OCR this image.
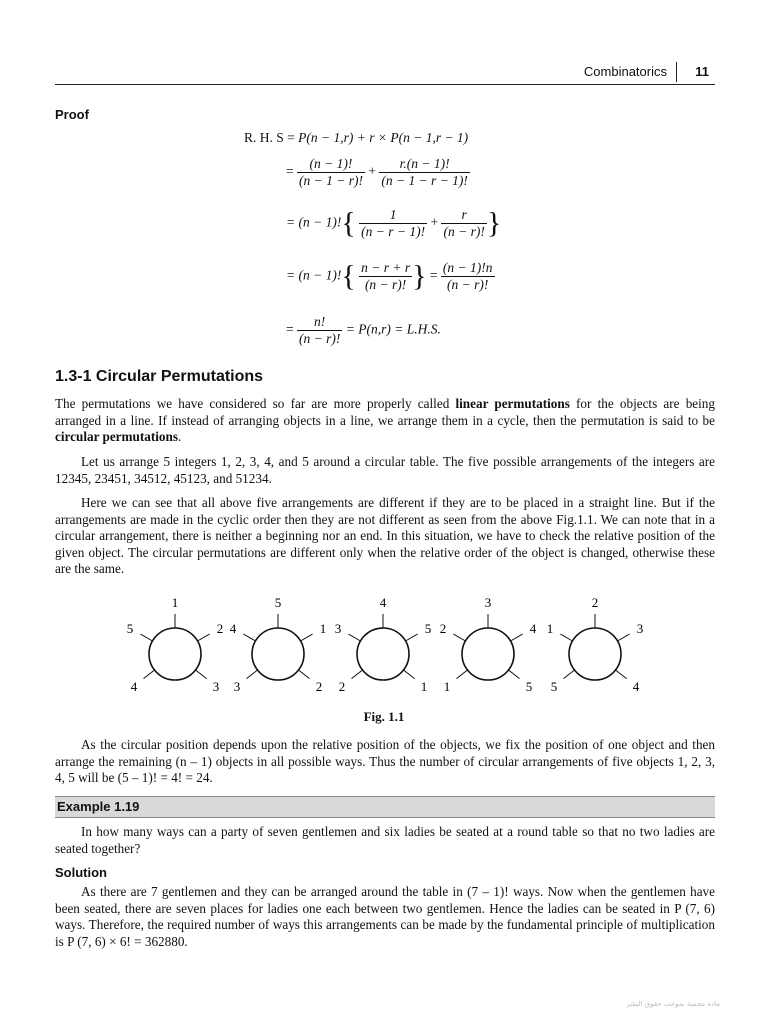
Combinatorics 11
Proof
R. H. S = P(n − 1,r) + r × P(n − 1,r − 1)
= $\frac{(n - 1)!}{(n - 1 - r)!} + \frac{r.(n - 1)!}{(n - 1 - r - 1)!}$
= $(n - 1)!\{ \frac{1}{(n - r - 1)!} + \frac{r}{(n - r)!}$ }
= $(n - 1)!\{ \frac{n - r + r}{(n - r)!}$ } = $\frac{(n - 1)!n}{(n - r)!}$
= $\frac{n!}{(n - r)!} = P(n,r) = L.H.S$.
1.3-1 Circular Permutations

The permutations we have considered so far are more properly called linear permutations for the objects are being arranged in a line. If instead of arranging objects in a line, we arrange them in a cycle, then the permutation is said to be circular permutations.

Let us arrange 5 integers 1, 2, 3, 4, and 5 around a circular table. The five possible arrangements of the integers are 12345, 23451, 34512, 45123, and 51234.

Here we can see that all above five arrangements are different if they are to be placed in a straight line. But if the arrangements are made in the cyclic order then they are not different as seen from the above Fig.1.1. We can note that in a circular arrangement, there is neither a beginning nor an end. In this situation, we have to check the relative position of the given object. The circular permutations are different only when the relative order of the object is changed, otherwise these are the same.

1
2
3
4
5
5
1
2
3
4
4
5
1
2
3
3
4
5
1
2
2
3
4
5
1
Fig. 1.1

As the circular position depends upon the relative position of the objects, we fix the position of one object and then arrange the remaining (n – 1) objects in all possible ways. Thus the number of circular arrangements of five objects 1, 2, 3, 4, 5 will be (5 – 1)! = 4! = 24.

Example 1.19

In how many ways can a party of seven gentlemen and six ladies be seated at a round table so that no two ladies are seated together?

Solution

As there are 7 gentlemen and they can be arranged around the table in (7 – 1)! ways. Now when the gentlemen have been seated, there are seven places for ladies one each between two gentlemen. Hence the ladies can be seated in P (7, 6) ways. Therefore, the required number of ways this arrangements can be made by the fundamental principle of multiplication is P (7, 6) × 6! = 362880.

مادة محمية بموجب حقوق النشر
